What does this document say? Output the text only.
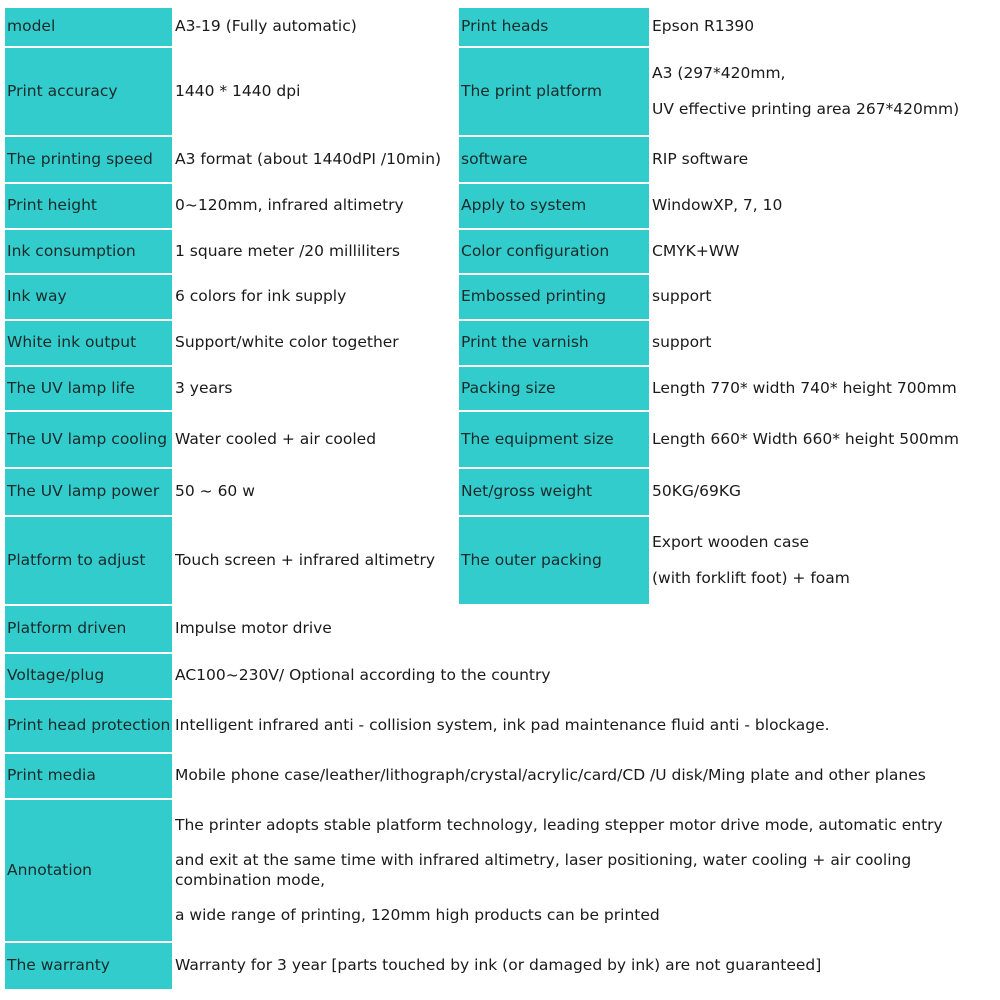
model	A3-19 (Fully automatic)	Print heads	Epson R1390
Print accuracy	1440 * 1440 dpi	The print platform	A3 (297*420mm,
UV effective printing area 267*420mm)

The printing speed	A3 format (about 1440dPI /10min)	software	RIP software
Print height	0~120mm, infrared altimetry	Apply to system	WindowXP, 7, 10
Ink consumption	1 square meter /20 milliliters	Color configuration	CMYK+WW
Ink way	6 colors for ink supply	Embossed printing	support
White ink output	Support/white color together	Print the varnish	support
The UV lamp life	3 years	Packing size	Length 770* width 740* height 700mm
The UV lamp cooling	Water cooled + air cooled	The equipment size	Length 660* Width 660* height 500mm
The UV lamp power	50 ~ 60 w	Net/gross weight	50KG/69KG
Platform to adjust	Touch screen + infrared altimetry	The outer packing	Export wooden case
(with forklift foot) + foam

Platform driven	Impulse motor drive		
Voltage/plug	AC100~230V/ Optional according to the country		
Print head protection	Intelligent infrared anti - collision system, ink pad maintenance fluid anti - blockage.		
Print media	Mobile phone case/leather/lithograph/crystal/acrylic/card/CD /U disk/Ming plate and other planes		
Annotation	The printer adopts stable platform technology, leading stepper motor drive mode, automatic entry
and exit at the same time with infrared altimetry, laser positioning, water cooling + air cooling combination mode,
a wide range of printing, 120mm high products can be printed		

The warranty	Warranty for 3 year [parts touched by ink (or damaged by ink) are not guaranteed]		
